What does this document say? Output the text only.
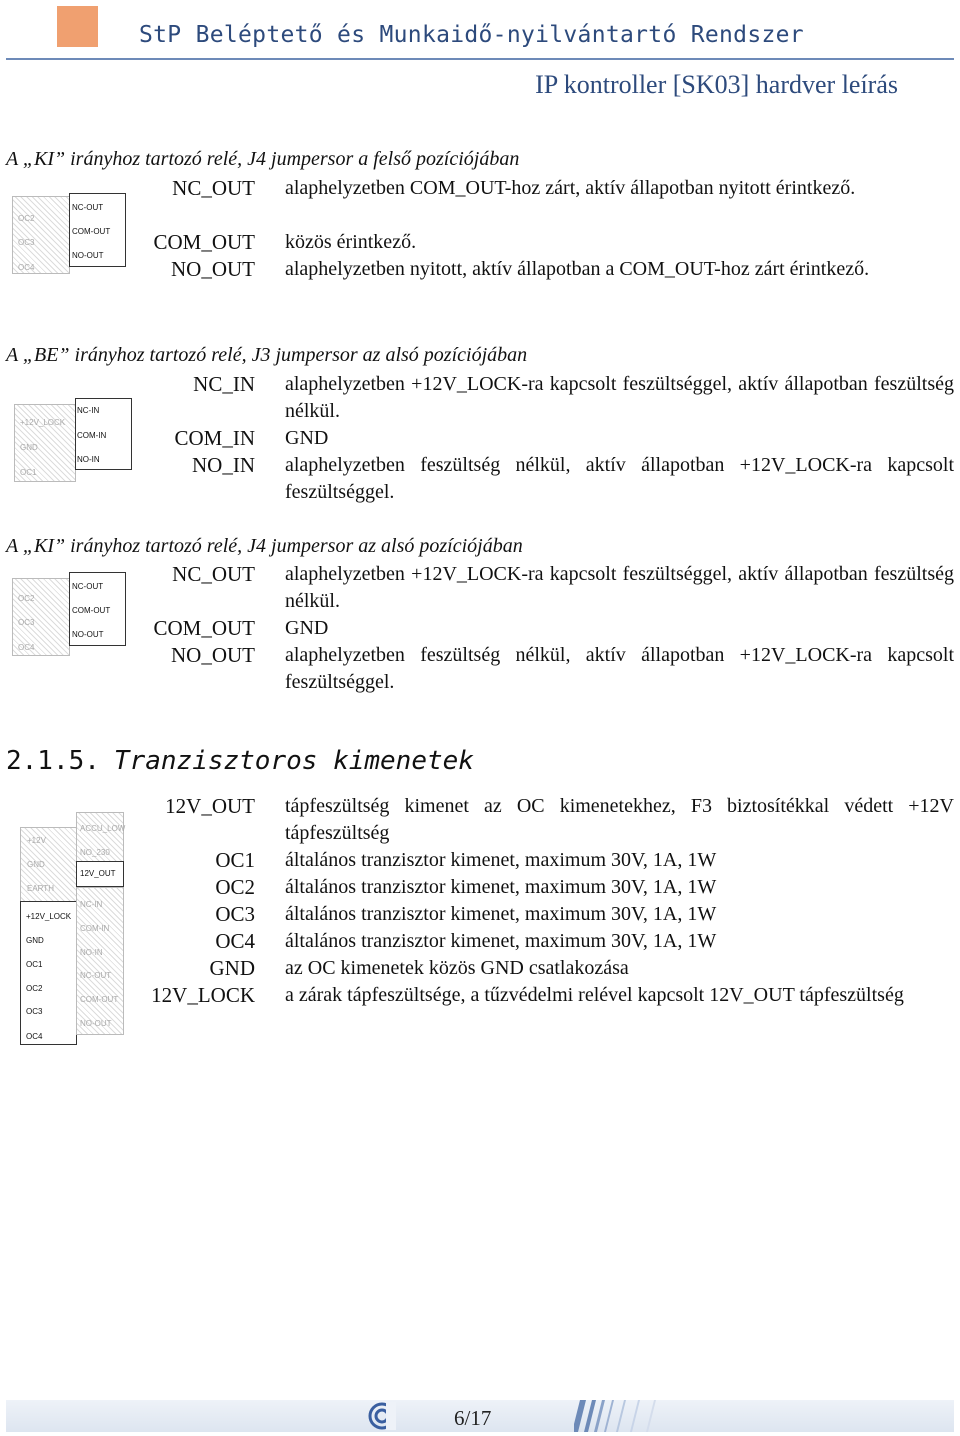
StP Beléptető és Munkaidő-nyilvántartó Rendszer
IP kontroller [SK03] hardver leírás
A „KI” irányhoz tartozó relé, J4 jumpersor a felső pozíciójában
OC2
OC3
OC4
NC-OUT
COM-OUT
NO-OUT
NC_OUT alaphelyzetben COM_OUT-hoz zárt, aktív állapotban nyitott érintkező.
COM_OUT közös érintkező.
NO_OUT alaphelyzetben nyitott, aktív állapotban a COM_OUT-hoz zárt érintkező.
A „BE” irányhoz tartozó relé, J3 jumpersor az alsó pozíciójában
+12V_LOCK
GND
OC1
NC-IN
COM-IN
NO-IN
NC_IN alaphelyzetben +12V_LOCK-ra kapcsolt feszültséggel, aktív állapotban feszültség nélkül.
COM_IN GND
NO_IN alaphelyzetben feszültség nélkül, aktív állapotban +12V_LOCK-ra kapcsolt feszültséggel.
A „KI” irányhoz tartozó relé, J4 jumpersor az alsó pozíciójában
OC2
OC3
OC4
NC-OUT
COM-OUT
NO-OUT
NC_OUT alaphelyzetben +12V_LOCK-ra kapcsolt feszültséggel, aktív állapotban feszültség nélkül.
COM_OUT GND
NO_OUT alaphelyzetben feszültség nélkül, aktív állapotban +12V_LOCK-ra kapcsolt feszültséggel.
2.1.5. Tranzisztoros kimenetek
+12V
GND
EARTH
+12V_LOCK
GND
OC1
OC2
OC3
OC4
ACCU_LOW
NO_230
12V_OUT
NC-IN
COM-IN
NO-IN
NC-OUT
COM-OUT
NO-OUT
12V_OUT tápfeszültség kimenet az OC kimenetekhez, F3 biztosítékkal védett +12V tápfeszültség
OC1 általános tranzisztor kimenet, maximum 30V, 1A, 1W
OC2 általános tranzisztor kimenet, maximum 30V, 1A, 1W
OC3 általános tranzisztor kimenet, maximum 30V, 1A, 1W
OC4 általános tranzisztor kimenet, maximum 30V, 1A, 1W
GND az OC kimenetek közös GND csatlakozása
12V_LOCK a zárak tápfeszültsége, a tűzvédelmi relével kapcsolt 12V_OUT tápfeszültség
6/17
